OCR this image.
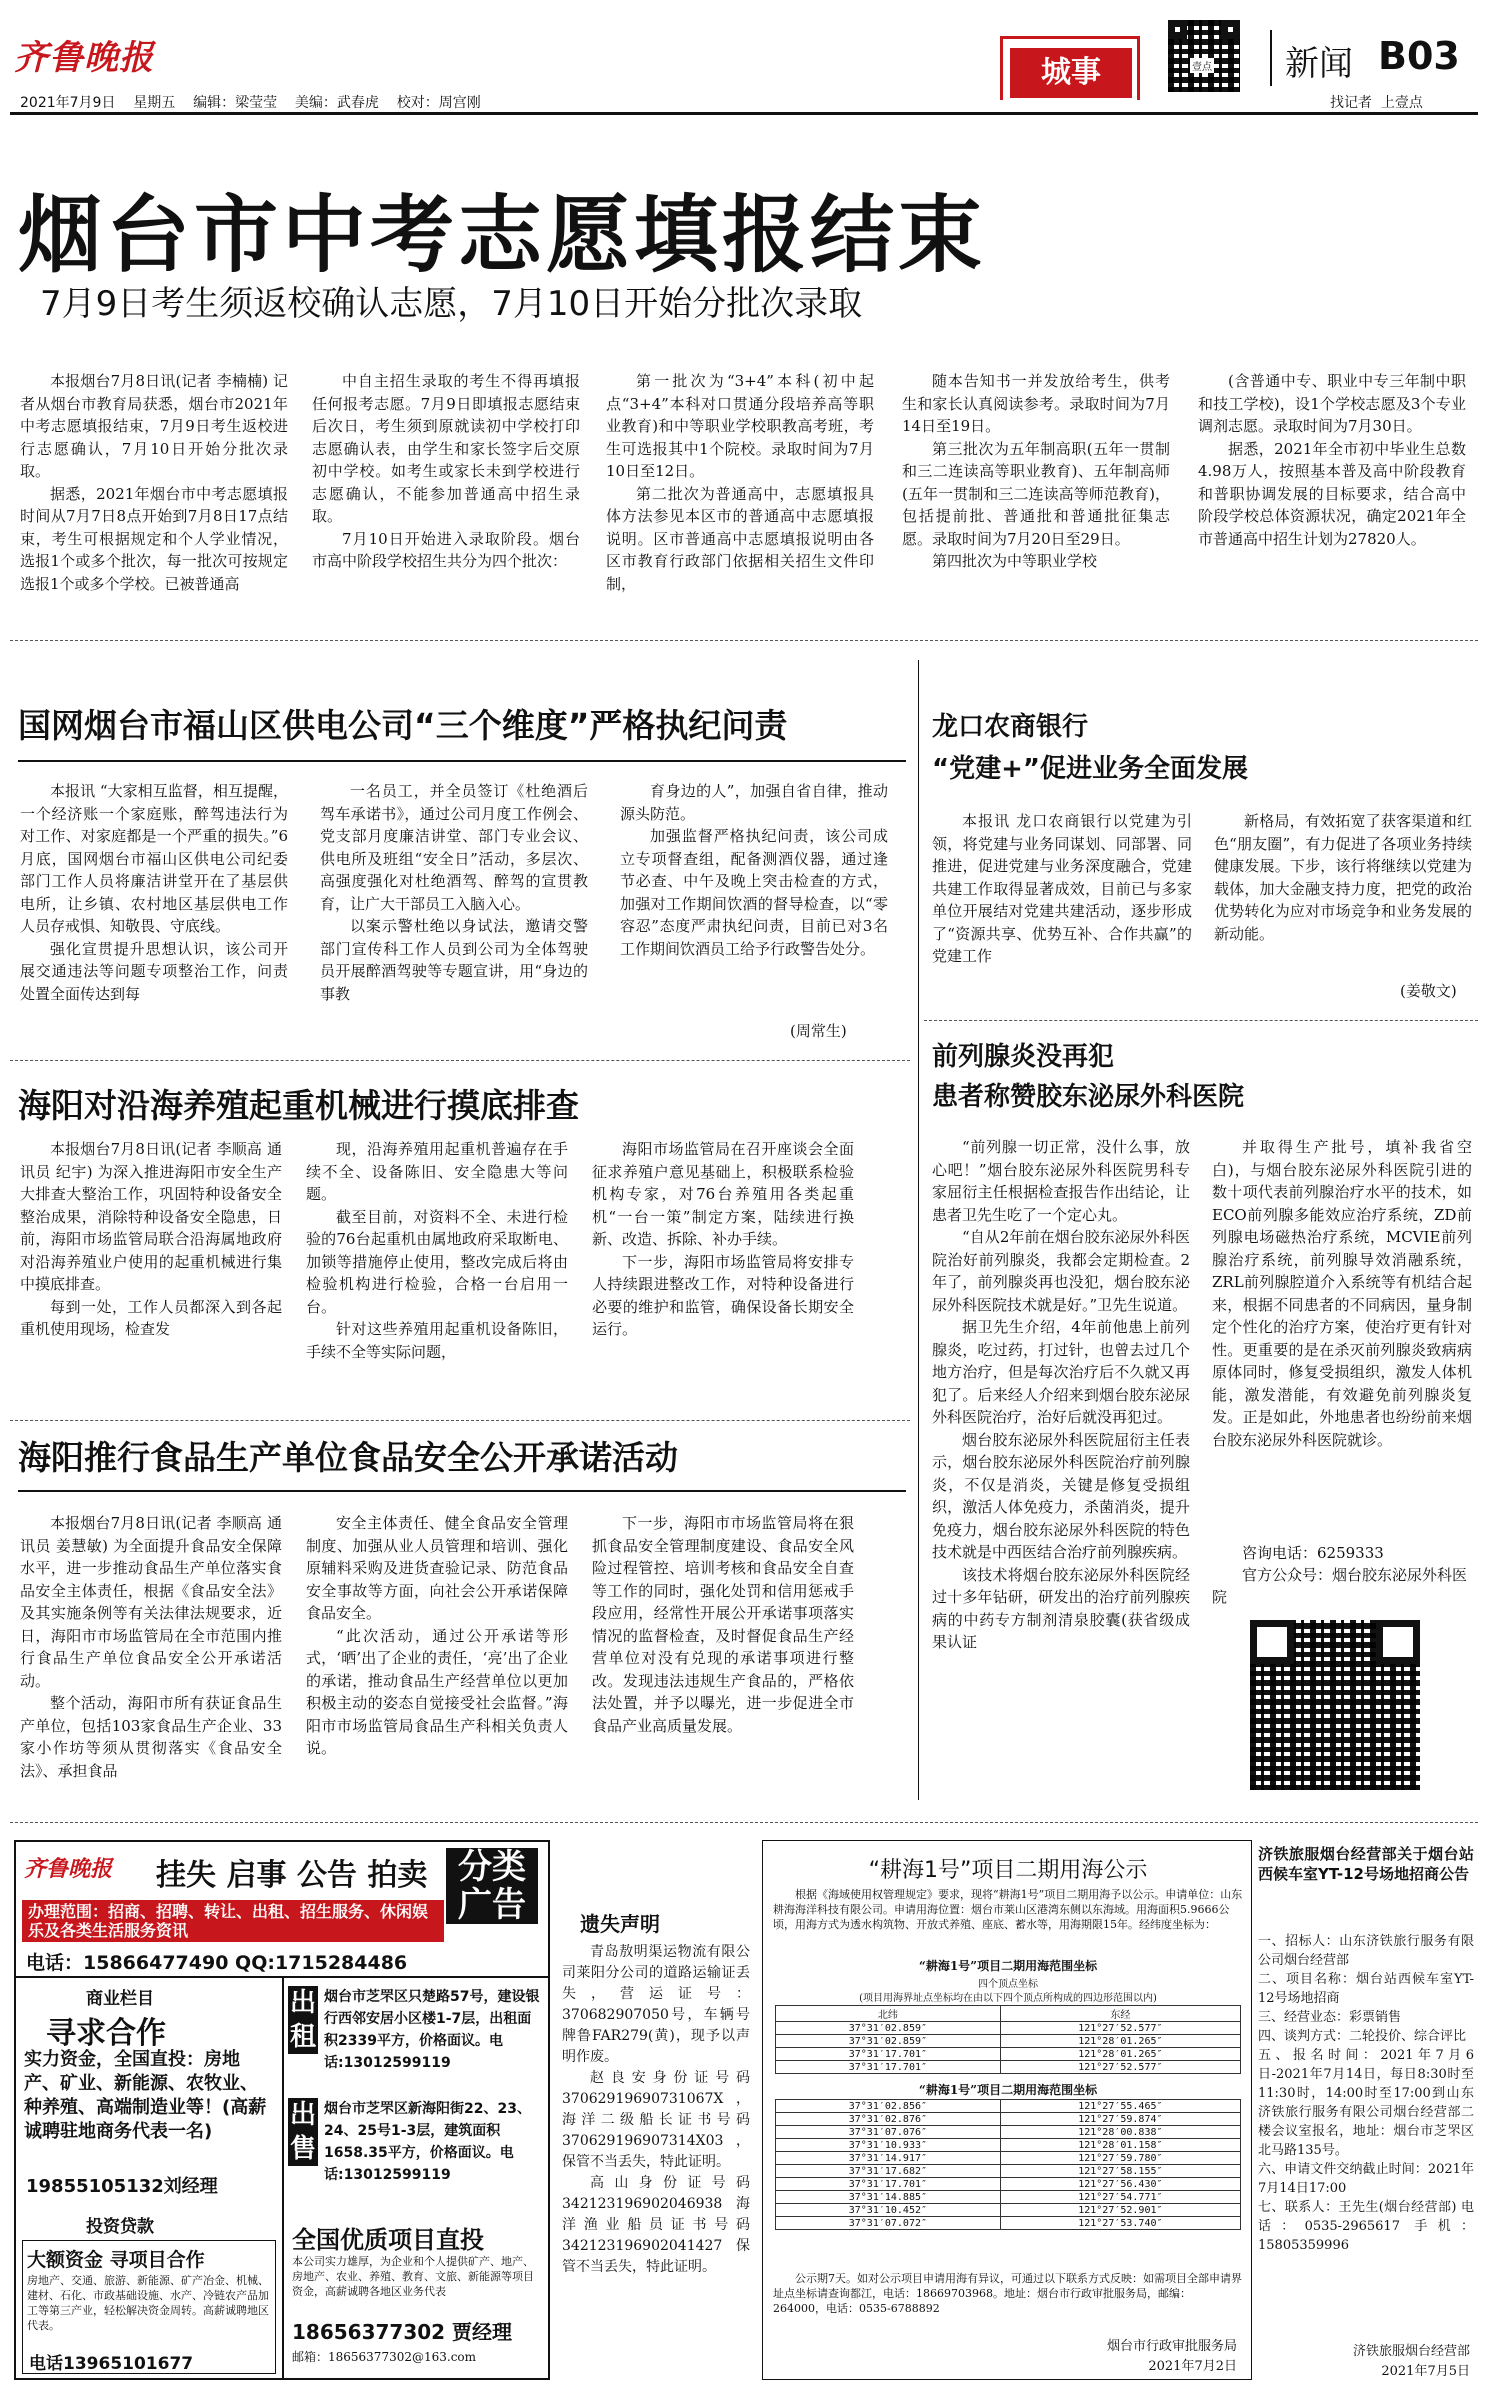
齐鲁晚报
2021年7月9日 星期五 编辑：梁莹莹 美编：武春虎 校对：周宫刚
城事	壹点 新闻 B03
找记者  上壹点
烟台市中考志愿填报结束
7月9日考生须返校确认志愿，7月10日开始分批次录取

本报烟台7月8日讯(记者 李楠楠) 记者从烟台市教育局获悉，烟台市2021年中考志愿填报结束，7月9日考生返校进行志愿确认，7月10日开始分批次录取。

据悉，2021年烟台市中考志愿填报时间从7月7日8点开始到7月8日17点结束，考生可根据规定和个人学业情况，选报1个或多个批次，每一批次可按规定选报1个或多个学校。已被普通高

中自主招生录取的考生不得再填报任何报考志愿。7月9日即填报志愿结束后次日，考生须到原就读初中学校打印志愿确认表，由学生和家长签字后交原初中学校。如考生或家长未到学校进行志愿确认，不能参加普通高中招生录取。

7月10日开始进入录取阶段。烟台市高中阶段学校招生共分为四个批次：

第一批次为“3+4”本科(初中起点“3+4”本科对口贯通分段培养高等职业教育)和中等职业学校职教高考班，考生可选报其中1个院校。录取时间为7月10日至12日。

第二批次为普通高中，志愿填报具体方法参见本区市的普通高中志愿填报说明。区市普通高中志愿填报说明由各区市教育行政部门依据相关招生文件印制，

随本告知书一并发放给考生，供考生和家长认真阅读参考。录取时间为7月14日至19日。

第三批次为五年制高职(五年一贯制和三二连读高等职业教育)、五年制高师(五年一贯制和三二连读高等师范教育)，包括提前批、普通批和普通批征集志愿。录取时间为7月20日至29日。

第四批次为中等职业学校

(含普通中专、职业中专三年制中职和技工学校)，设1个学校志愿及3个专业调剂志愿。录取时间为7月30日。

据悉，2021年全市初中毕业生总数4.98万人，按照基本普及高中阶段教育和普职协调发展的目标要求，结合高中阶段学校总体资源状况，确定2021年全市普通高中招生计划为27820人。

国网烟台市福山区供电公司“三个维度”严格执纪问责

本报讯 “大家相互监督，相互提醒，一个经济账一个家庭账，醉驾违法行为对工作、对家庭都是一个严重的损失。”6月底，国网烟台市福山区供电公司纪委部门工作人员将廉洁讲堂开在了基层供电所，让乡镇、农村地区基层供电工作人员存戒惧、知敬畏、守底线。

强化宣贯提升思想认识，该公司开展交通违法等问题专项整治工作，问责处置全面传达到每

一名员工，并全员签订《杜绝酒后驾车承诺书》，通过公司月度工作例会、党支部月度廉洁讲堂、部门专业会议、供电所及班组“安全日”活动，多层次、高强度强化对杜绝酒驾、醉驾的宣贯教育，让广大干部员工入脑入心。

以案示警杜绝以身试法，邀请交警部门宣传科工作人员到公司为全体驾驶员开展醉酒驾驶等专题宣讲，用“身边的事教

育身边的人”，加强自省自律，推动源头防范。

加强监督严格执纪问责，该公司成立专项督查组，配备测酒仪器，通过逢节必查、中午及晚上突击检查的方式，加强对工作期间饮酒的督导检查，以“零容忍”态度严肃执纪问责，目前已对3名工作期间饮酒员工给予行政警告处分。

(周常生)
海阳对沿海养殖起重机械进行摸底排查

本报烟台7月8日讯(记者 李顺高 通讯员 纪宇) 为深入推进海阳市安全生产大排查大整治工作，巩固特种设备安全整治成果，消除特种设备安全隐患，日前，海阳市场监管局联合沿海属地政府对沿海养殖业户使用的起重机械进行集中摸底排查。

每到一处，工作人员都深入到各起重机使用现场，检查发

现，沿海养殖用起重机普遍存在手续不全、设备陈旧、安全隐患大等问题。

截至目前，对资料不全、未进行检验的76台起重机由属地政府采取断电、加锁等措施停止使用，整改完成后将由检验机构进行检验，合格一台启用一台。

针对这些养殖用起重机设备陈旧，手续不全等实际问题，

海阳市场监管局在召开座谈会全面征求养殖户意见基础上，积极联系检验机构专家，对76台养殖用各类起重机“一台一策”制定方案，陆续进行换新、改造、拆除、补办手续。

下一步，海阳市场监管局将安排专人持续跟进整改工作，对特种设备进行必要的维护和监管，确保设备长期安全运行。

海阳推行食品生产单位食品安全公开承诺活动

本报烟台7月8日讯(记者 李顺高 通讯员 姜慧敏) 为全面提升食品安全保障水平，进一步推动食品生产单位落实食品安全主体责任，根据《食品安全法》及其实施条例等有关法律法规要求，近日，海阳市市场监管局在全市范围内推行食品生产单位食品安全公开承诺活动。

整个活动，海阳市所有获证食品生产单位，包括103家食品生产企业、33家小作坊等须从贯彻落实《食品安全法》、承担食品

安全主体责任、健全食品安全管理制度、加强从业人员管理和培训、强化原辅料采购及进货查验记录、防范食品安全事故等方面，向社会公开承诺保障食品安全。

“此次活动，通过公开承诺等形式，‘晒’出了企业的责任，‘亮’出了企业的承诺，推动食品生产经营单位以更加积极主动的姿态自觉接受社会监督。”海阳市市场监管局食品生产科相关负责人说。

下一步，海阳市市场监管局将在狠抓食品安全管理制度建设、食品安全风险过程管控、培训考核和食品安全自查等工作的同时，强化处罚和信用惩戒手段应用，经常性开展公开承诺事项落实情况的监督检查，及时督促食品生产经营单位对没有兑现的承诺事项进行整改。发现违法违规生产食品的，严格依法处置，并予以曝光，进一步促进全市食品产业高质量发展。

龙口农商银行
“党建+”促进业务全面发展

本报讯 龙口农商银行以党建为引领，将党建与业务同谋划、同部署、同推进，促进党建与业务深度融合，党建共建工作取得显著成效，目前已与多家单位开展结对党建共建活动，逐步形成了“资源共享、优势互补、合作共赢”的党建工作

新格局，有效拓宽了获客渠道和红色“朋友圈”，有力促进了各项业务持续健康发展。下步，该行将继续以党建为载体，加大金融支持力度，把党的政治优势转化为应对市场竞争和业务发展的新动能。

(姜敬文)
前列腺炎没再犯
患者称赞胶东泌尿外科医院

“前列腺一切正常，没什么事，放心吧！”烟台胶东泌尿外科医院男科专家屈衍主任根据检查报告作出结论，让患者卫先生吃了一个定心丸。

“自从2年前在烟台胶东泌尿外科医院治好前列腺炎，我都会定期检查。2年了，前列腺炎再也没犯，烟台胶东泌尿外科医院技术就是好。”卫先生说道。

据卫先生介绍，4年前他患上前列腺炎，吃过药，打过针，也曾去过几个地方治疗，但是每次治疗后不久就又再犯了。后来经人介绍来到烟台胶东泌尿外科医院治疗，治好后就没再犯过。

烟台胶东泌尿外科医院屈衍主任表示，烟台胶东泌尿外科医院治疗前列腺炎，不仅是消炎，关键是修复受损组织，激活人体免疫力，杀菌消炎，提升免疫力，烟台胶东泌尿外科医院的特色技术就是中西医结合治疗前列腺疾病。

该技术将烟台胶东泌尿外科医院经过十多年钻研，研发出的治疗前列腺疾病的中药专方制剂清泉胶囊(获省级成果认证

并取得生产批号，填补我省空白)，与烟台胶东泌尿外科医院引进的数十项代表前列腺治疗水平的技术，如ECO前列腺多能效应治疗系统，ZD前列腺电场磁热治疗系统，MCVIE前列腺治疗系统，前列腺导效消融系统，ZRL前列腺腔道介入系统等有机结合起来，根据不同患者的不同病因，量身制定个性化的治疗方案，使治疗更有针对性。更重要的是在杀灭前列腺炎致病病原体同时，修复受损组织，激发人体机能，激发潜能，有效避免前列腺炎复发。正是如此，外地患者也纷纷前来烟台胶东泌尿外科医院就诊。

咨询电话：6259333
官方公众号：烟台胶东泌尿外科医院
齐鲁晚报 挂失 启事 公告 拍卖 分类广告
办理范围：招商、招聘、转让、出租、招生服务、休闲娱乐及各类生活服务资讯
电话：15866477490 QQ:1715284486
商业栏目
寻求合作
实力资金，全国直投：房地产、矿业、新能源、农牧业、种养殖、高端制造业等！(高薪诚聘驻地商务代表一名)
19855105132刘经理
投资贷款
大额资金 寻项目合作
房地产、交通、旅游、新能源、矿产冶金、机械、建材、石化、市政基础设施、水产、冷链农产品加工等第三产业，轻松解决资金周转。高薪诚聘地区代表。
电话13965101677
出租
烟台市芝罘区只楚路57号，建设银行西邻安居小区楼1-7层，出租面积2339平方，价格面议。电话:13012599119
出售
烟台市芝罘区新海阳街22、23、24、25号1-3层，建筑面积1658.35平方，价格面议。电话:13012599119
全国优质项目直投
本公司实力雄厚，为企业和个人提供矿产、地产、房地产、农业、养殖、教育、文旅、新能源等项目资金，高薪诚聘各地区业务代表
18656377302 贾经理
邮箱：18656377302@163.com
遗失声明

青岛敖明渠运物流有限公司莱阳分公司的道路运输证丢失，营运证号：370682907050号，车辆号牌鲁FAR279(黄)，现予以声明作废。

赵良安身份证号码370629196907310​67X，海洋二级船长证书号码370629196907314X03，保管不当丢失，特此证明。

高山身份证号码342123196902046938海洋渔业船员证书号码342123196902041427保管不当丢失，特此证明。

“耕海1号”项目二期用海公示
根据《海域使用权管理规定》要求，现将“耕海1号”项目二期用海予以公示。申请单位：山东耕海海洋科技有限公司。申请用海位置：烟台市莱山区港湾东侧以东海域。用海面积5.9666公顷，用海方式为透水构筑物、开放式养殖、座底、蓄水等，用海期限15年。经纬度坐标为：
“耕海1号”项目二期用海范围坐标
四个顶点坐标
(项目用海界址点坐标均在由以下四个顶点所构成的四边形范围以内)
北纬	东经
37°31′02.859″	121°27′52.577″
37°31′02.859″	121°28′01.265″
37°31′17.701″	121°28′01.265″
37°31′17.701″	121°27′52.577″
“耕海1号”项目二期用海范围坐标
37°31′02.856″	121°27′55.465″
37°31′02.876″	121°27′59.874″
37°31′07.076″	121°28′00.838″
37°31′10.933″	121°28′01.158″
37°31′14.917″	121°27′59.780″
37°31′17.682″	121°27′58.155″
37°31′17.701″	121°27′56.430″
37°31′14.885″	121°27′54.771″
37°31′10.452″	121°27′52.901″
37°31′07.072″	121°27′53.740″
公示期7天。如对公示项目申请用海有异议，可通过以下联系方式反映：如需项目全部申请界址点坐标请查询都江，电话：18669703968。地址：烟台市行政审批服务局，邮编：264000，电话：0535-6788892
烟台市行政审批服务局
2021年7月2日
济铁旅服烟台经营部关于烟台站西候车室YT-12号场地招商公告
一、招标人：山东济铁旅行服务有限公司烟台经营部
二、项目名称：烟台站西候车室YT-12号场地招商
三、经营业态：彩票销售
四、谈判方式：二轮投价、综合评比
五、报名时间：2021年7月6日-2021年7月14日，每日8:30时至11:30时，14:00时至17:00到山东济铁旅行服务有限公司烟台经营部二楼会议室报名，地址：烟台市芝罘区北马路135号。
六、申请文件交纳截止时间：2021年7月14日17:00
七、联系人：王先生(烟台经营部) 电话：0535-2965617 手机：15805359996
济铁旅服烟台经营部
2021年7月5日
